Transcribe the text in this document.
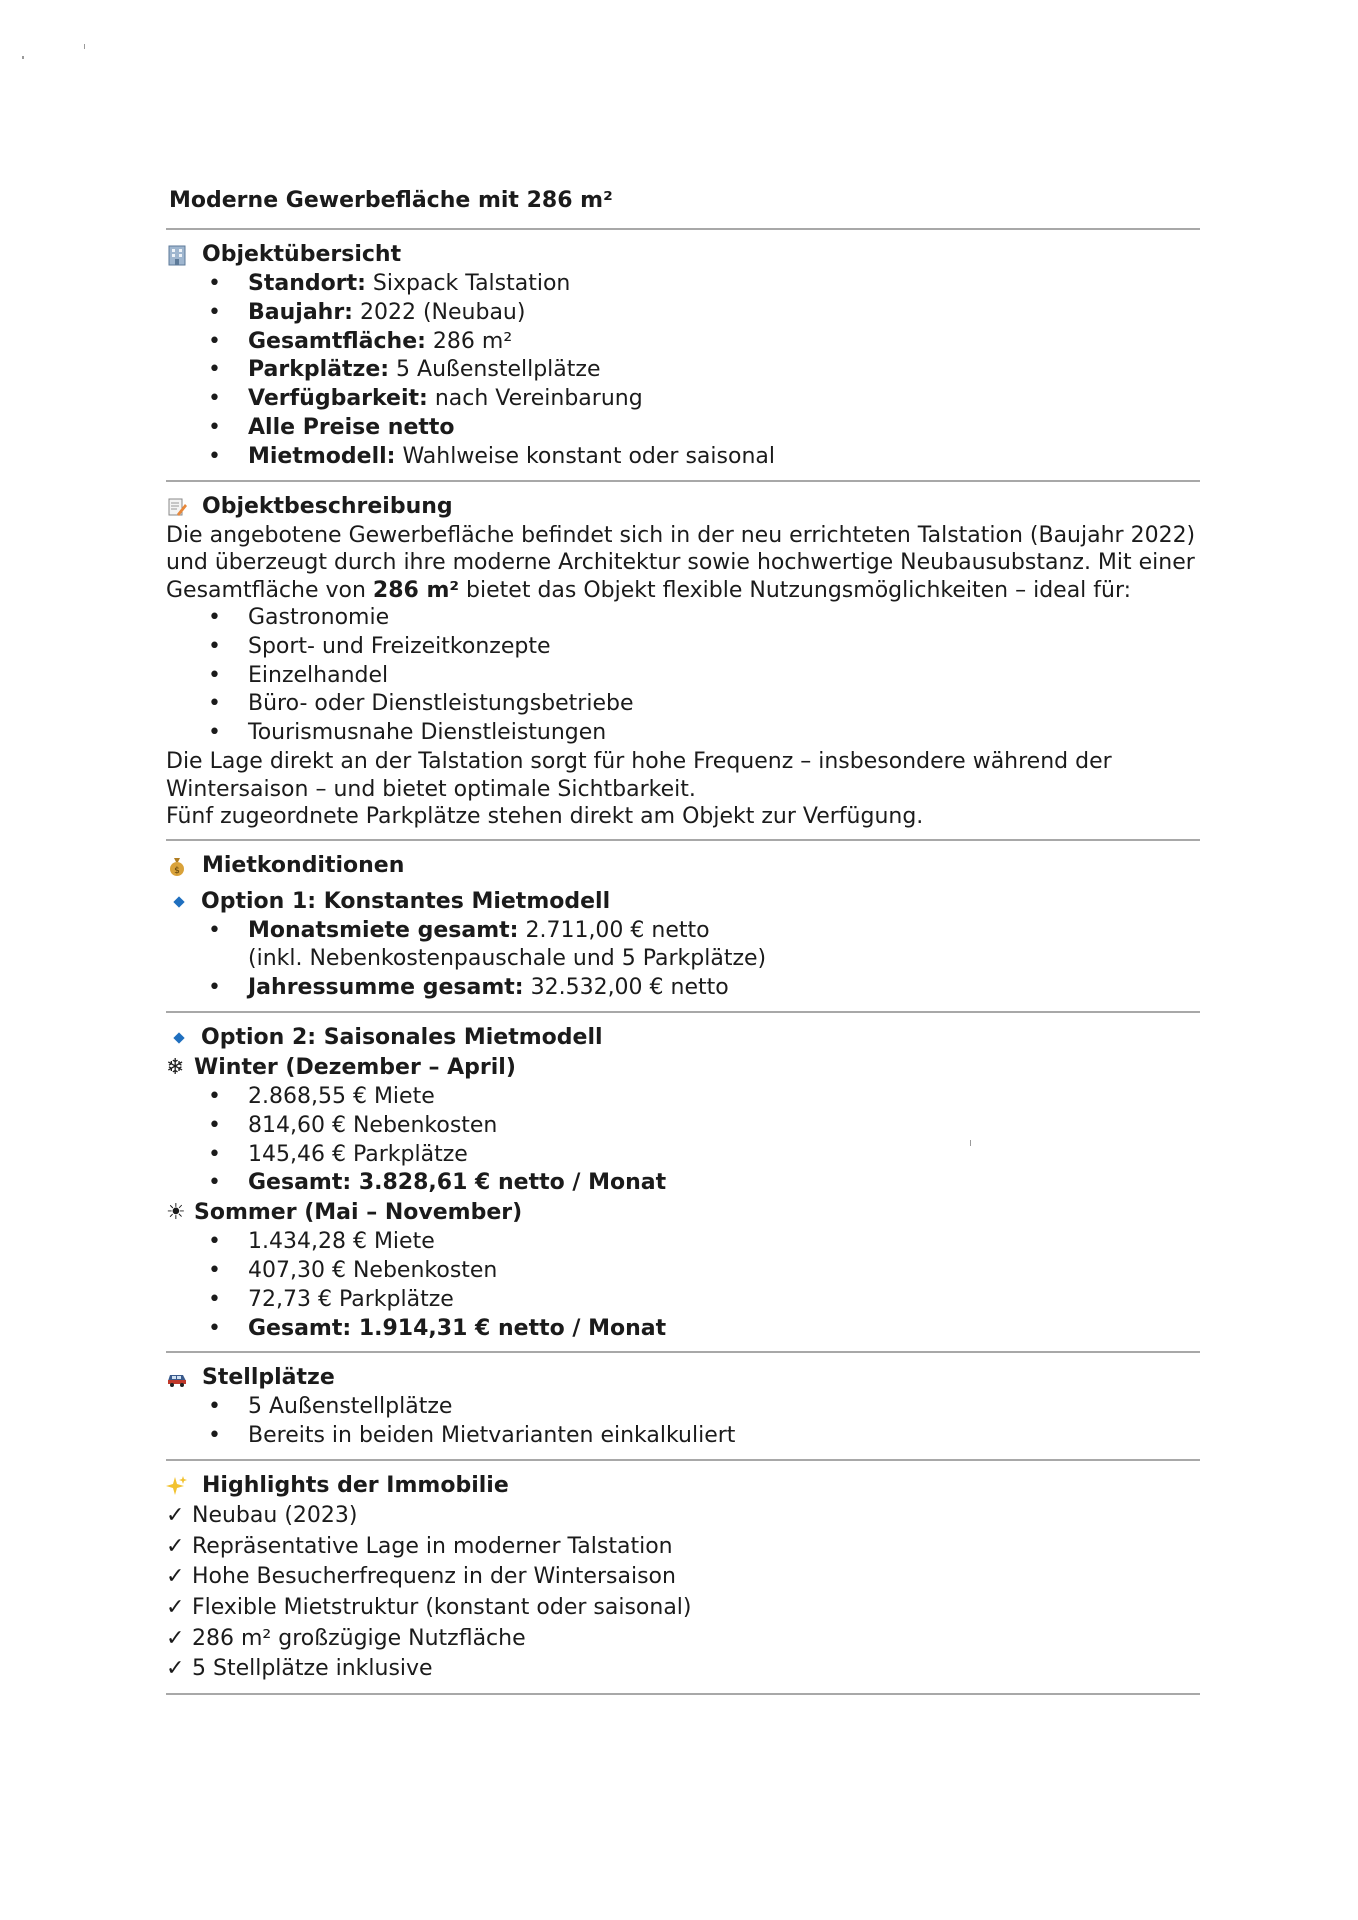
Moderne Gewerbefläche mit 286 m²
Objektübersicht
• Standort: Sixpack Talstation
• Baujahr: 2022 (Neubau)
• Gesamtfläche: 286 m²
• Parkplätze: 5 Außenstellplätze
• Verfügbarkeit: nach Vereinbarung
• Alle Preise netto
• Mietmodell: Wahlweise konstant oder saisonal
Objektbeschreibung

Die angebotene Gewerbefläche befindet sich in der neu errichteten Talstation (Baujahr 2022) und überzeugt durch ihre moderne Architektur sowie hochwertige Neubausubstanz. Mit einer Gesamtfläche von 286 m² bietet das Objekt flexible Nutzungsmöglichkeiten – ideal für:

• Gastronomie
• Sport- und Freizeitkonzepte
• Einzelhandel
• Büro- oder Dienstleistungsbetriebe
• Tourismusnahe Dienstleistungen

Die Lage direkt an der Talstation sorgt für hohe Frequenz – insbesondere während der Wintersaison – und bietet optimale Sichtbarkeit.

Fünf zugeordnete Parkplätze stehen direkt am Objekt zur Verfügung.

$ Mietkonditionen
Option 1: Konstantes Mietmodell
• Monatsmiete gesamt: 2.711,00 € netto
(inkl. Nebenkostenpauschale und 5 Parkplätze)
• Jahressumme gesamt: 32.532,00 € netto
Option 2: Saisonales Mietmodell
❄ Winter (Dezember – April)
• 2.868,55 € Miete
• 814,60 € Nebenkosten
• 145,46 € Parkplätze
• Gesamt: 3.828,61 € netto / Monat
☀ Sommer (Mai – November)
• 1.434,28 € Miete
• 407,30 € Nebenkosten
• 72,73 € Parkplätze
• Gesamt: 1.914,31 € netto / Monat
Stellplätze
• 5 Außenstellplätze
• Bereits in beiden Mietvarianten einkalkuliert
Highlights der Immobilie
✓ Neubau (2023)
✓ Repräsentative Lage in moderner Talstation
✓ Hohe Besucherfrequenz in der Wintersaison
✓ Flexible Mietstruktur (konstant oder saisonal)
✓ 286 m² großzügige Nutzfläche
✓ 5 Stellplätze inklusive
